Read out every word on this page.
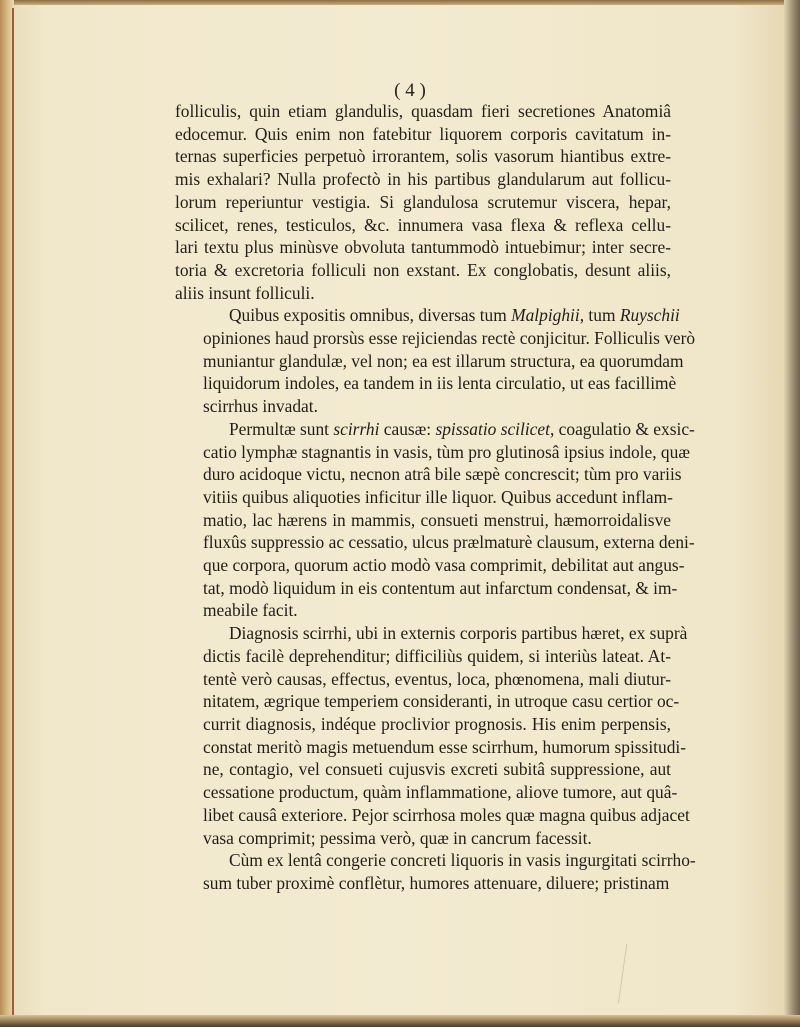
( 4 )
folliculis, quin etiam glandulis, quasdam fieri secretiones Anatomiâ
edocemur. Quis enim non fatebitur liquorem corporis cavitatum in-
ternas superficies perpetuò irrorantem, solis vasorum hiantibus extre-
mis exhalari? Nulla profectò in his partibus glandularum aut follicu-
lorum reperiuntur vestigia. Si glandulosa scrutemur viscera, hepar,
scilicet, renes, testiculos, &c. innumera vasa flexa & reflexa cellu-
lari textu plus minùsve obvoluta tantummodò intuebimur; inter secre-
toria & excretoria folliculi non exstant. Ex conglobatis, desunt aliis,
aliis insunt folliculi.
Quibus expositis omnibus, diversas tum Malpighii, tum Ruyschii
opiniones haud prorsùs esse rejiciendas rectè conjicitur. Folliculis verò
muniantur glandulæ, vel non; ea est illarum structura, ea quorumdam
liquidorum indoles, ea tandem in iis lenta circulatio, ut eas facillimè
scirrhus invadat.
Permultæ sunt scirrhi causæ: spissatio scilicet, coagulatio & exsic-
catio lymphæ stagnantis in vasis, tùm pro glutinosâ ipsius indole, quæ
duro acidoque victu, necnon atrâ bile sæpè concrescit; tùm pro variis
vitiis quibus aliquoties inficitur ille liquor. Quibus accedunt inflam-
matio, lac hærens in mammis, consueti menstrui, hæmorroidalisve
fluxûs suppressio ac cessatio, ulcus prælmaturè clausum, externa deni-
que corpora, quorum actio modò vasa comprimit, debilitat aut angus-
tat, modò liquidum in eis contentum aut infarctum condensat, & im-
meabile facit.
Diagnosis scirrhi, ubi in externis corporis partibus hæret, ex suprà
dictis facilè deprehenditur; difficiliùs quidem, si interiùs lateat. At-
tentè verò causas, effectus, eventus, loca, phœnomena, mali diutur-
nitatem, ægrique temperiem consideranti, in utroque casu certior oc-
currit diagnosis, indéque proclivior prognosis. His enim perpensis,
constat meritò magis metuendum esse scirrhum, humorum spissitudi-
ne, contagio, vel consueti cujusvis excreti subitâ suppressione, aut
cessatione productum, quàm inflammatione, aliove tumore, aut quâ-
libet causâ exteriore. Pejor scirrhosa moles quæ magna quibus adjacet
vasa comprimit; pessima verò, quæ in cancrum facessit.
Cùm ex lentâ congerie concreti liquoris in vasis ingurgitati scirrho-
sum tuber proximè conflètur, humores attenuare, diluere; pristinam
